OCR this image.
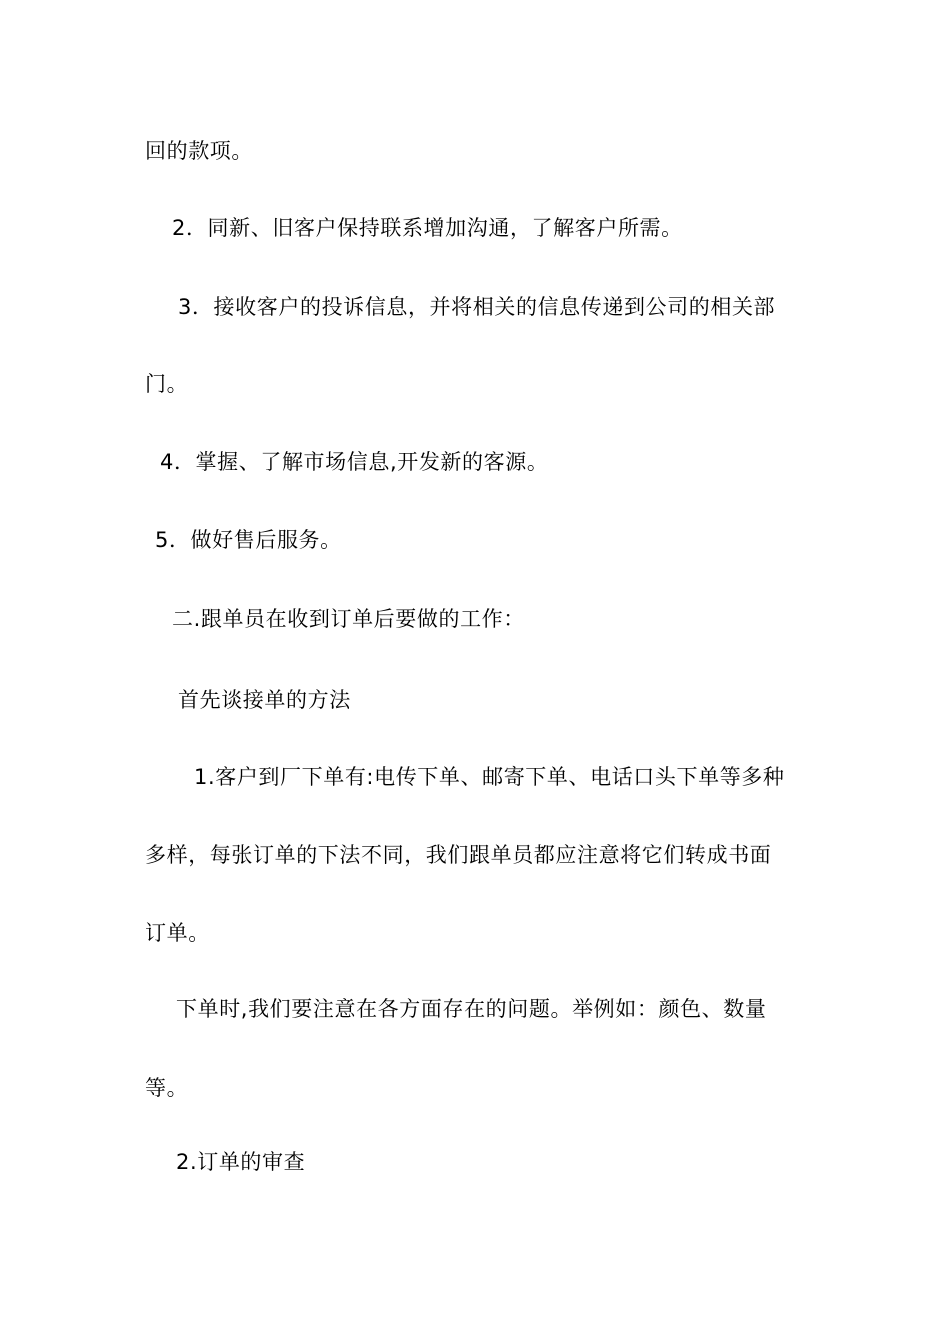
回的款项。
2．同新、旧客户保持联系增加沟通，了解客户所需。
3．接收客户的投诉信息，并将相关的信息传递到公司的相关部
门。
4．掌握、了解市场信息,开发新的客源。
5．做好售后服务。
二.跟单员在收到订单后要做的工作：
首先谈接单的方法
1.客户到厂下单有:电传下单、邮寄下单、电话口头下单等多种
多样，每张订单的下法不同，我们跟单员都应注意将它们转成书面
订单。
下单时,我们要注意在各方面存在的问题。举例如：颜色、数量
等。
2.订单的审查
